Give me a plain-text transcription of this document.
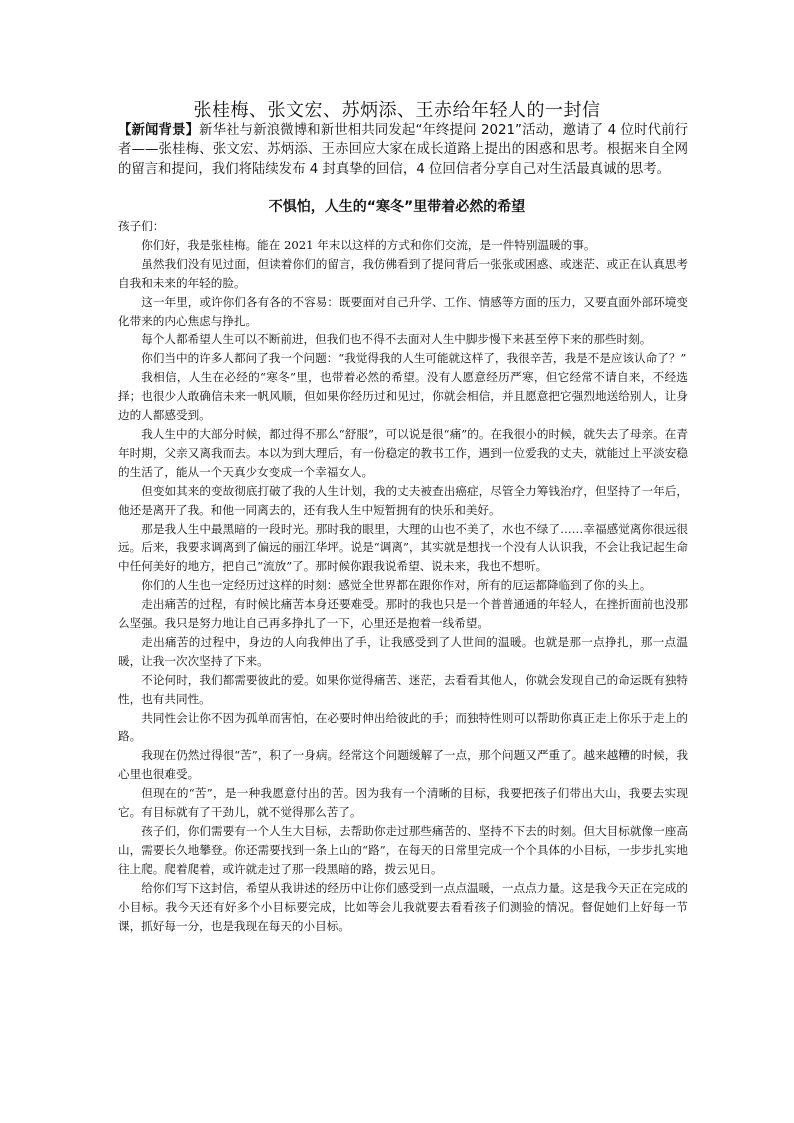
张桂梅、张文宏、苏炳添、王赤给年轻人的一封信

【新闻背景】新华社与新浪微博和新世相共同发起“年终提问 2021”活动，邀请了 4 位时代前行者——张桂梅、张文宏、苏炳添、王赤回应大家在成长道路上提出的困惑和思考。根据来自全网的留言和提问，我们将陆续发布 4 封真挚的回信，4 位回信者分享自己对生活最真诚的思考。

不惧怕，人生的“寒冬”里带着必然的希望

孩子们：

你们好，我是张桂梅。能在 2021 年末以这样的方式和你们交流，是一件特别温暖的事。

虽然我们没有见过面，但读着你们的留言，我仿佛看到了提问背后一张张或困惑、或迷茫、或正在认真思考自我和未来的年轻的脸。

这一年里，或许你们各有各的不容易：既要面对自己升学、工作、情感等方面的压力，又要直面外部环境变化带来的内心焦虑与挣扎。

每个人都希望人生可以不断前进，但我们也不得不去面对人生中脚步慢下来甚至停下来的那些时刻。

你们当中的许多人都问了我一个问题：“我觉得我的人生可能就这样了，我很辛苦，我是不是应该认命了？”

我相信，人生在必经的“寒冬”里，也带着必然的希望。没有人愿意经历严寒，但它经常不请自来，不经选择；也很少人敢确信未来一帆风顺，但如果你经历过和见过，你就会相信，并且愿意把它强烈地送给别人，让身边的人都感受到。

我人生中的大部分时候，都过得不那么“舒服”，可以说是很“痛”的。在我很小的时候，就失去了母亲。在青年时期，父亲又离我而去。本以为到大理后，有一份稳定的教书工作，遇到一位爱我的丈夫，就能过上平淡安稳的生活了，能从一个天真少女变成一个幸福女人。

但变如其来的变故彻底打破了我的人生计划，我的丈夫被查出癌症，尽管全力筹钱治疗，但坚持了一年后，他还是离开了我。和他一同离去的，还有我人生中短暂拥有的快乐和美好。

那是我人生中最黑暗的一段时光。那时我的眼里，大理的山也不美了，水也不绿了……幸福感觉离你很远很远。后来，我要求调离到了偏远的丽江华坪。说是“调离”，其实就是想找一个没有人认识我，不会让我记起生命中任何美好的地方，把自己“流放”了。那时候你跟我说希望、说未来，我也不想听。

你们的人生也一定经历过这样的时刻：感觉全世界都在跟你作对，所有的厄运都降临到了你的头上。

走出痛苦的过程，有时候比痛苦本身还要难受。那时的我也只是一个普普通通的年轻人，在挫折面前也没那么坚强。我只是努力地让自己再多挣扎了一下，心里还是抱着一线希望。

走出痛苦的过程中，身边的人向我伸出了手，让我感受到了人世间的温暖。也就是那一点挣扎，那一点温暖，让我一次次坚持了下来。

不论何时，我们都需要彼此的爱。如果你觉得痛苦、迷茫，去看看其他人，你就会发现自己的命运既有独特性，也有共同性。

共同性会让你不因为孤单而害怕，在必要时伸出给彼此的手；而独特性则可以帮助你真正走上你乐于走上的路。

我现在仍然过得很“苦”，积了一身病。经常这个问题缓解了一点，那个问题又严重了。越来越糟的时候，我心里也很难受。

但现在的“苦”，是一种我愿意付出的苦。因为我有一个清晰的目标，我要把孩子们带出大山，我要去实现它。有目标就有了干劲儿，就不觉得那么苦了。

孩子们，你们需要有一个人生大目标，去帮助你走过那些痛苦的、坚持不下去的时刻。但大目标就像一座高山，需要长久地攀登。你还需要找到一条上山的“路”，在每天的日常里完成一个个具体的小目标，一步步扎实地往上爬。爬着爬着，或许就走过了那一段黑暗的路，拨云见日。

给你们写下这封信，希望从我讲述的经历中让你们感受到一点点温暖，一点点力量。这是我今天正在完成的小目标。我今天还有好多个小目标要完成，比如等会儿我就要去看看孩子们测验的情况。督促她们上好每一节课，抓好每一分，也是我现在每天的小目标。
